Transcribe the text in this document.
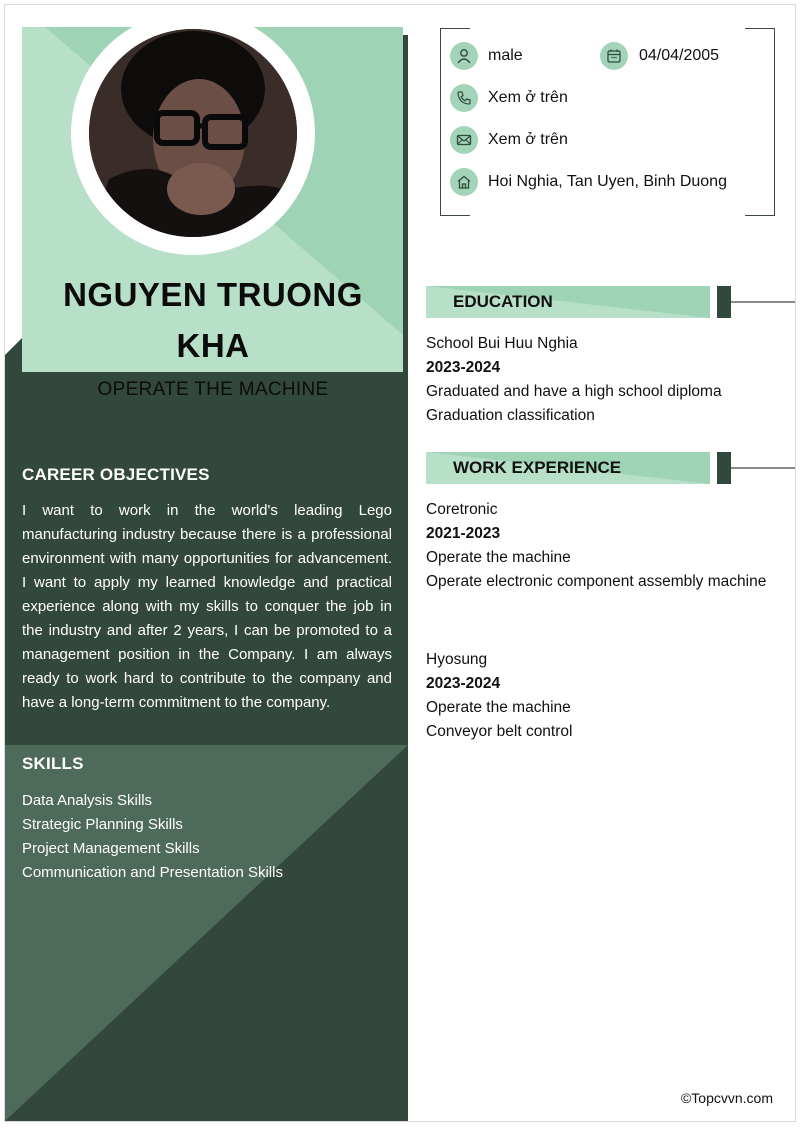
NGUYEN TRUONG KHA
OPERATE THE MACHINE
CAREER OBJECTIVES

I want to work in the world's leading Lego manufacturing industry because there is a professional environment with many opportunities for advancement. I want to apply my learned knowledge and practical experience along with my skills to conquer the job in the industry and after 2 years, I can be promoted to a management position in the Company. I am always ready to work hard to contribute to the company and have a long-term commitment to the company.

SKILLS
Data Analysis Skills
Strategic Planning Skills
Project Management Skills
Communication and Presentation Skills
male	04/04/2005
Xem ở trên
Xem ở trên
Hoi Nghia, Tan Uyen, Binh Duong
EDUCATION

School Bui Huu Nghia

2023-2024

Graduated and have a high school diploma

Graduation classification

WORK EXPERIENCE

Coretronic

2021-2023

Operate the machine

Operate electronic component assembly machine

Hyosung

2023-2024

Operate the machine

Conveyor belt control

©Topcvvn.com
